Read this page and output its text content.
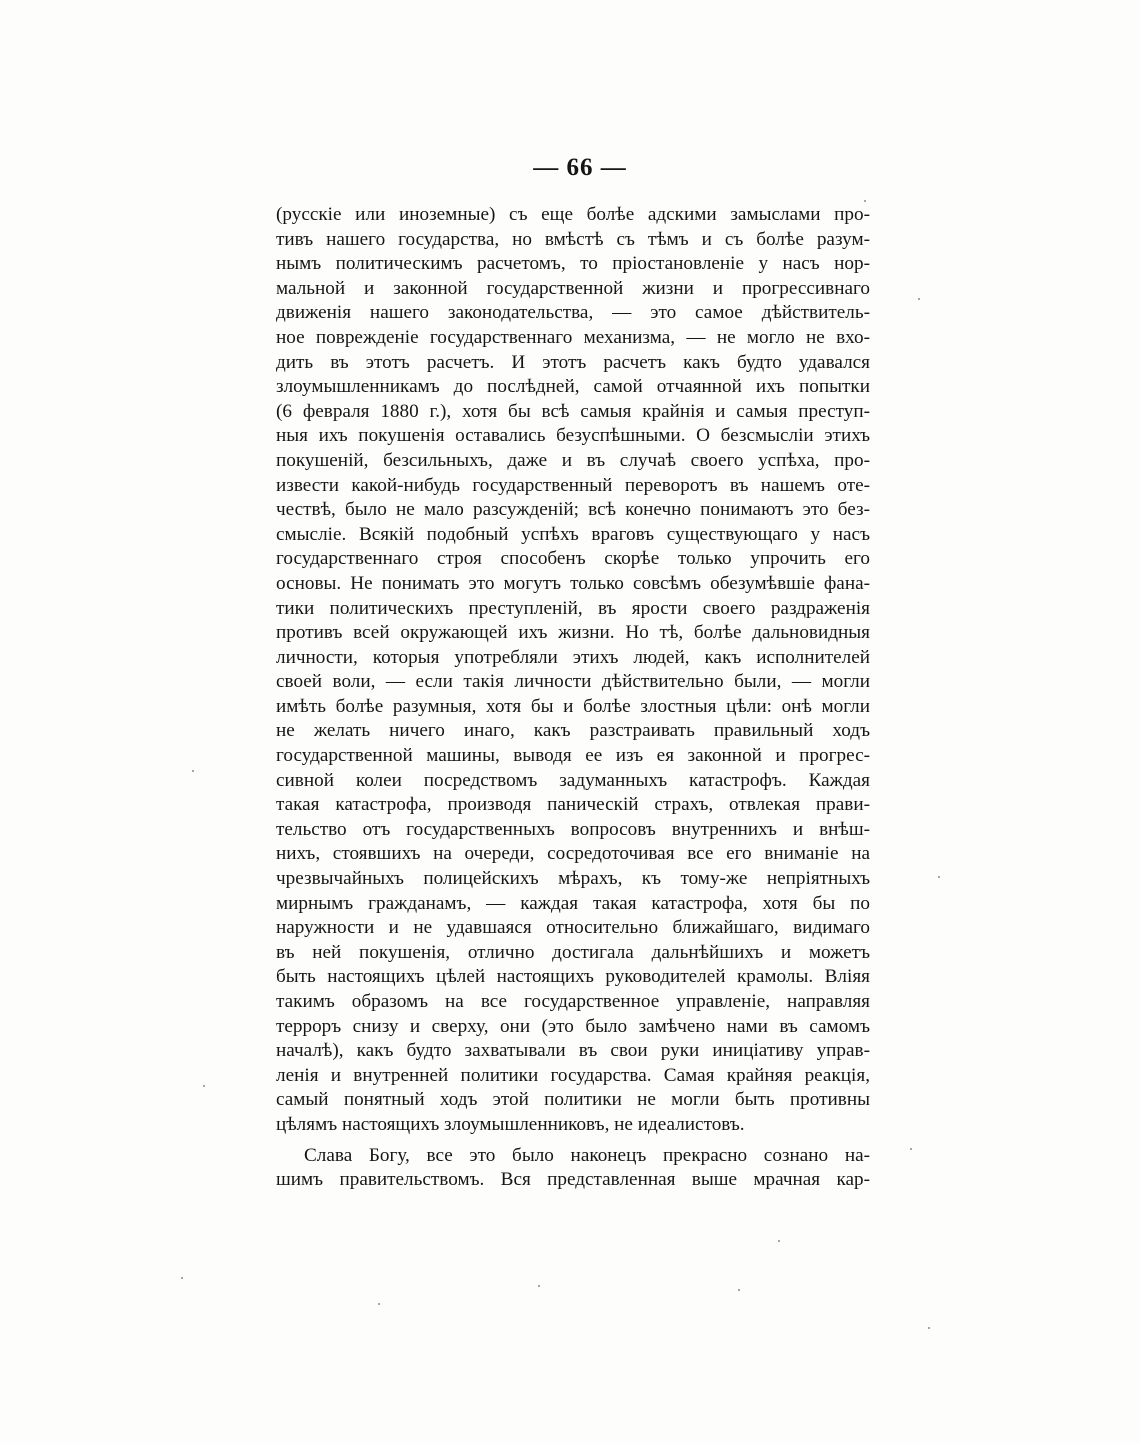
— 66 —
(русскіе или иноземные) съ еще болѣе адскими замыслами про-
тивъ нашего государства, но вмѣстѣ съ тѣмъ и съ болѣе разум-
нымъ политическимъ расчетомъ, то пріостановленіе у насъ нор-
мальной и законной государственной жизни и прогрессивнаго
движенія нашего законодательства, — это самое дѣйствитель-
ное поврежденіе государственнаго механизма, — не могло не вхо-
дить въ этотъ расчетъ. И этотъ расчетъ какъ будто удавался
злоумышленникамъ до послѣдней, самой отчаянной ихъ попытки
(6 февраля 1880 г.), хотя бы всѣ самыя крайнія и самыя преступ-
ныя ихъ покушенія оставались безуспѣшными. О безсмысліи этихъ
покушеній, безсильныхъ, даже и въ случаѣ своего успѣха, про-
извести какой-нибудь государственный переворотъ въ нашемъ оте-
чествѣ, было не мало разсужденій; всѣ конечно понимаютъ это без-
смысліе. Всякій подобный успѣхъ враговъ существующаго у насъ
государственнаго строя способенъ скорѣе только упрочить его
основы. Не понимать это могутъ только совсѣмъ обезумѣвшіе фана-
тики политическихъ преступленій, въ ярости своего раздраженія
противъ всей окружающей ихъ жизни. Но тѣ, болѣе дальновидныя
личности, которыя употребляли этихъ людей, какъ исполнителей
своей воли, — если такія личности дѣйствительно были, — могли
имѣть болѣе разумныя, хотя бы и болѣе злостныя цѣли: онѣ могли
не желать ничего инаго, какъ разстраивать правильный ходъ
государственной машины, выводя ее изъ ея законной и прогрес-
сивной колеи посредствомъ задуманныхъ катастрофъ. Каждая
такая катастрофа, производя паническій страхъ, отвлекая прави-
тельство отъ государственныхъ вопросовъ внутреннихъ и внѣш-
нихъ, стоявшихъ на очереди, сосредоточивая все его вниманіе на
чрезвычайныхъ полицейскихъ мѣрахъ, къ тому-же непріятныхъ
мирнымъ гражданамъ, — каждая такая катастрофа, хотя бы по
наружности и не удавшаяся относительно ближайшаго, видимаго
въ ней покушенія, отлично достигала дальнѣйшихъ и можетъ
быть настоящихъ цѣлей настоящихъ руководителей крамолы. Вліяя
такимъ образомъ на все государственное управленіе, направляя
терроръ снизу и сверху, они (это было замѣчено нами въ самомъ
началѣ), какъ будто захватывали въ свои руки иниціативу управ-
ленія и внутренней политики государства. Самая крайняя реакція,
самый понятный ходъ этой политики не могли быть противны
цѣлямъ настоящихъ злоумышленниковъ, не идеалистовъ.
Слава Богу, все это было наконецъ прекрасно сознано на-
шимъ правительствомъ. Вся представленная выше мрачная кар-
